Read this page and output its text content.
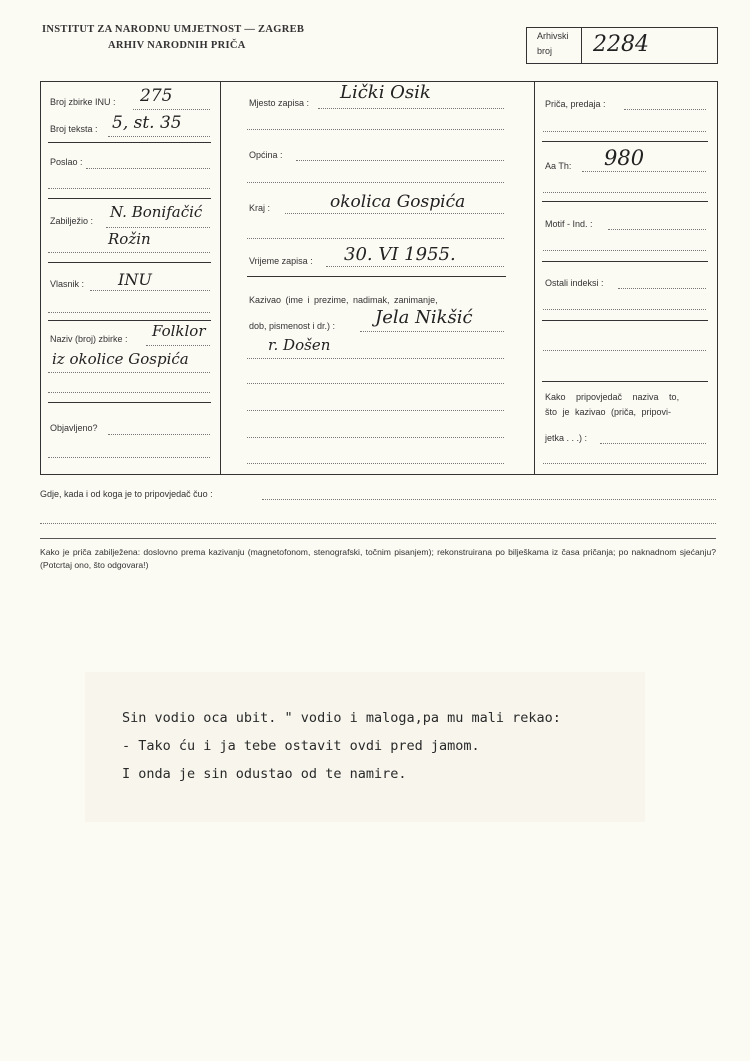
INSTITUT ZA NARODNU UMJETNOST — ZAGREB
ARHIV NARODNIH PRIČA
Arhivski
broj 2284
Broj zbirke INU : 275
Broj teksta : 5, st. 35
Poslao :
Zabilježio : N. Bonifačić
Rožin
Vlasnik : INU
Naziv (broj) zbirke : Folklor
iz okolice Gospića
Objavljeno?
Mjesto zapisa : Lički Osik
Općina :
Kraj :	okolica Gospića
Vrijeme zapisa : 30. VI 1955.
Kazivao (ime i prezime, nadimak, zanimanje,
dob, pismenost i dr.) : Jela Nikšić
r. Došen
Priča, predaja :
Aa Th: 980
Motif - Ind. :
Ostali indeksi :
Kako pripovjedač naziva to,
što je kazivao (priča, pripovi-
jetka . . .) :
Gdje, kada i od koga je to pripovjedač čuo :
Kako je priča zabilježena: doslovno prema kazivanju (magnetofonom, stenografski, točnim pisanjem); rekonstruirana po bilješkama iz časa pričanja; po naknadnom sjećanju? (Potcrtaj ono, što odgovara!)
Sin vodio oca ubit. " vodio i maloga,pa mu mali rekao:
- Tako ću i ja tebe ostavit ovdi pred jamom.
I onda je sin odustao od te namire.
